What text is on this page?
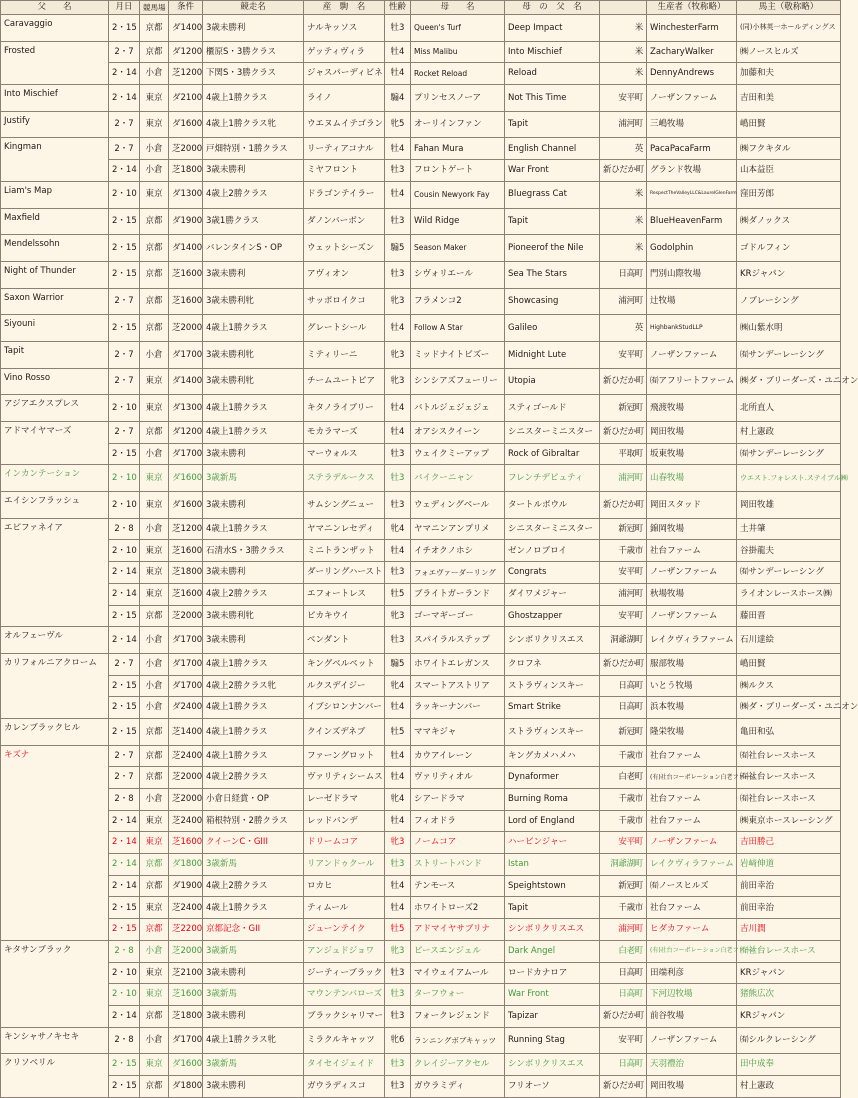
父　　名	月日	競馬場	条件	競走名	産　駒　名	性齢	母　　名	母　の　父　名		生産者（牧称略）	馬主（敬称略）
Caravaggio	2・15	京都	ダ1400	3歳未勝利	ナルキッソス	牡3	Queen's Turf	Deep Impact	米	WinchesterFarm	(同)小林英一ホールディングス
Frosted	2・7	京都	ダ1200	櫃原S・3勝クラス	ゲッティヴィラ	牡4	Miss Malibu	Into Mischief	米	ZacharyWalker	㈱ノースヒルズ
	2・14	小倉	芝1200	下関S・3勝クラス	ジャスパーディビネ	牡4	Rocket Reload	Reload	米	DennyAndrews	加藤和夫
Into Mischief	2・14	東京	ダ2100	4歳上1勝クラス	ライノ	騸4	プリンセスノーア	Not This Time	安平町	ノーザンファーム	吉田和美
Justify	2・7	東京	ダ1600	4歳上1勝クラス牝	ウエヌムイテゴラン	牝5	オーリインファン	Tapit	浦河町	三嶋牧場	嶋田賢
Kingman	2・7	小倉	芝2000	戸畑特別・1勝クラス	リーティアコナル	牡4	Fahan Mura	English Channel	英	PacaPacaFarm	㈱フクキタル
	2・14	小倉	芝1800	3歳未勝利	ミヤフロント	牡3	フロントゲート	War Front	新ひだか町	グランド牧場	山本益臣
Liam's Map	2・10	東京	ダ1300	4歳上2勝クラス	ドラゴンテイラー	牡4	Cousin Newyork Fay	Bluegrass Cat	米	RespectTheValleyLLC&LaurelGlenFarm	窪田芳郎
Maxfield	2・15	京都	ダ1900	3歳1勝クラス	ダノンバーボン	牡3	Wild Ridge	Tapit	米	BlueHeavenFarm	㈱ダノックス
Mendelssohn	2・15	京都	ダ1400	バレンタインS・OP	ウェットシーズン	騸5	Season Maker	Pioneerof the Nile	米	Godolphin	ゴドルフィン
Night of Thunder	2・15	京都	芝1600	3歳未勝利	アヴィオン	牡3	シヴォリエール	Sea The Stars	日高町	門別山際牧場	KRジャパン
Saxon Warrior	2・7	京都	芝1600	3歳未勝利牝	サッポロイクコ	牝3	フラメンコ2	Showcasing	浦河町	辻牧場	ノブレーシング
Siyouni	2・15	京都	芝2000	4歳上1勝クラス	グレートシール	牡4	Follow A Star	Galileo	英	HighbankStudLLP	㈱山紫水明
Tapit	2・7	小倉	ダ1700	3歳未勝利牝	ミティリーニ	牝3	ミッドナイトビズー	Midnight Lute	安平町	ノーザンファーム	㈲サンデーレーシング
Vino Rosso	2・7	東京	ダ1400	3歳未勝利牝	チームユートピア	牝3	シンシアズフューリー	Utopia	新ひだか町	㈲アフリートファーム	㈱ダ・ブリーダーズ・ユニオン
アジアエクスプレス	2・10	東京	ダ1300	4歳上1勝クラス	キタノライブリー	牡4	バトルジェジェジェ	スティゴールド	新冠町	飛渡牧場	北所直人
アドマイヤマーズ	2・7	京都	ダ1200	4歳上1勝クラス	モカラマーズ	牡4	オアシスクイーン	シニスターミニスター	新ひだか町	岡田牧場	村上憲政
	2・15	小倉	ダ1700	3歳未勝利	マーウォルス	牡3	ウェイクミーアップ	Rock of Gibraltar	平取町	坂東牧場	㈲サンデーレーシング
インカンテーション	2・10	東京	ダ1600	3歳新馬	ステラデルークス	牡3	バイクーニャン	フレンチデピュティ	浦河町	山春牧場	ウエスト.フォレスト.ステイブル㈱
エイシンフラッシュ	2・10	東京	ダ1600	3歳未勝利	サムシングニュー	牡3	ウェディングベール	タートルボウル	新ひだか町	岡田スタッド	岡田牧雄
エピファネイア	2・8	小倉	芝1200	4歳上1勝クラス	ヤマニンレセディ	牝4	ヤマニンアンプリメ	シニスターミニスター	新冠町	錦岡牧場	土井肇
	2・10	東京	芝1600	石清水S・3勝クラス	ミニトランザット	牡4	イチオクノホシ	ゼンノロブロイ	千歳市	社台ファーム	谷掛龍夫
	2・14	東京	芝1800	3歳未勝利	ダーリングハースト	牡3	フォエヴァーダーリング	Congrats	安平町	ノーザンファーム	㈲サンデーレーシング
	2・14	東京	芝1600	4歳上2勝クラス	エフォートレス	牡5	ブライトガーランド	ダイワメジャー	浦河町	秋場牧場	ライオンレースホース㈱
	2・15	京都	芝2000	3歳未勝利牝	ピカキウイ	牝3	ゴーマギーゴー	Ghostzapper	安平町	ノーザンファーム	藤田晋
オルフェーヴル	2・14	小倉	ダ1700	3歳未勝利	ベンダント	牡3	スパイラルステップ	シンボリクリスエス	洞爺湖町	レイクヴィラファーム	石川達絵
カリフォルニアクローム	2・7	小倉	ダ1700	4歳上1勝クラス	キングベルベット	騸5	ホワイトエレガンス	クロフネ	新ひだか町	服部牧場	嶋田賢
	2・15	小倉	ダ1700	4歳上2勝クラス牝	ルクスデイジー	牝4	スマートアストリア	ストラヴィンスキー	日高町	いとう牧場	㈱ルクス
	2・15	小倉	ダ2400	4歳上1勝クラス	イブシロンナンバー	牡4	ラッキーナンバー	Smart Strike	日高町	浜本牧場	㈱ダ・ブリーダーズ・ユニオン
カレンブラックヒル	2・15	京都	芝1400	4歳上1勝クラス	クインズデネブ	牡5	ママキジャ	ストラヴィンスキー	新冠町	隆栄牧場	亀田和弘
キズナ	2・7	京都	芝2400	4歳上1勝クラス	ファーングロット	牡4	カウアイレーン	キングカメハメハ	千歳市	社台ファーム	㈲社台レースホース
	2・7	京都	芝2000	4歳上2勝クラス	ヴァリティシームス	牡4	ヴァリティオル	Dynaformer	白老町	(有)社台コーポレーション白老ファーム	㈲社台レースホース
	2・8	小倉	芝2000	小倉日経賞・OP	レーゼドラマ	牝4	シアードラマ	Burning Roma	千歳市	社台ファーム	㈲社台レースホース
	2・14	東京	芝2400	箱根特別・2勝クラス	レッドバンデ	牡4	フィオドラ	Lord of England	千歳市	社台ファーム	㈱東京ホースレーシング
	2・14	東京	芝1600	クイーンC・GIII	ドリームコア	牝3	ノームコア	ハービンジャー	安平町	ノーザンファーム	吉田勝己
	2・14	京都	ダ1800	3歳新馬	リアンドゥクール	牡3	ストリートバンド	Istan	洞爺湖町	レイクヴィラファーム	岩﨑伸道
	2・14	京都	ダ1900	4歳上2勝クラス	ロカヒ	牡4	テンモース	Speightstown	新冠町	㈲ノースヒルズ	前田幸治
	2・15	東京	芝2400	4歳上1勝クラス	ティムール	牡4	ホワイトローズ2	Tapit	千歳市	社台ファーム	前田幸治
	2・15	京都	芝2200	京都記念・GII	ジューンテイク	牡5	アドマイヤサブリナ	シンボリクリスエス	浦河町	ヒダカファーム	吉川潤
キタサンブラック	2・8	小倉	芝2000	3歳新馬	アンジュドジョワ	牝3	ピースエンジェル	Dark Angel	白老町	(有)社台コーポレーション白老ファーム	㈲社台レースホース
	2・10	東京	芝2100	3歳未勝利	ジーティーブラック	牡3	マイウェイアムール	ロードカナロア	日高町	田端利彦	KRジャパン
	2・10	東京	芝1600	3歳新馬	マウンテンバローズ	牡3	ターフウォー	War Front	日高町	下河辺牧場	猪熊広次
	2・14	京都	芝1800	3歳未勝利	ブラックシャリマー	牡3	フォークレジェンド	Tapizar	新ひだか町	前谷牧場	KRジャパン
キンシャサノキセキ	2・8	小倉	ダ1700	4歳上1勝クラス牝	ミラクルキャッツ	牝6	ランニングボブキャッツ	Running Stag	安平町	ノーザンファーム	㈲シルクレーシング
クリソベリル	2・15	東京	ダ1600	3歳新馬	タイセイジェイド	牡3	クレイジーアクセル	シンボリクリスエス	日高町	天羽禮治	田中成奉
	2・15	京都	ダ1800	3歳未勝利	ガウラディスコ	牡3	ガウラミディ	フリオーソ	新ひだか町	岡田牧場	村上憲政
